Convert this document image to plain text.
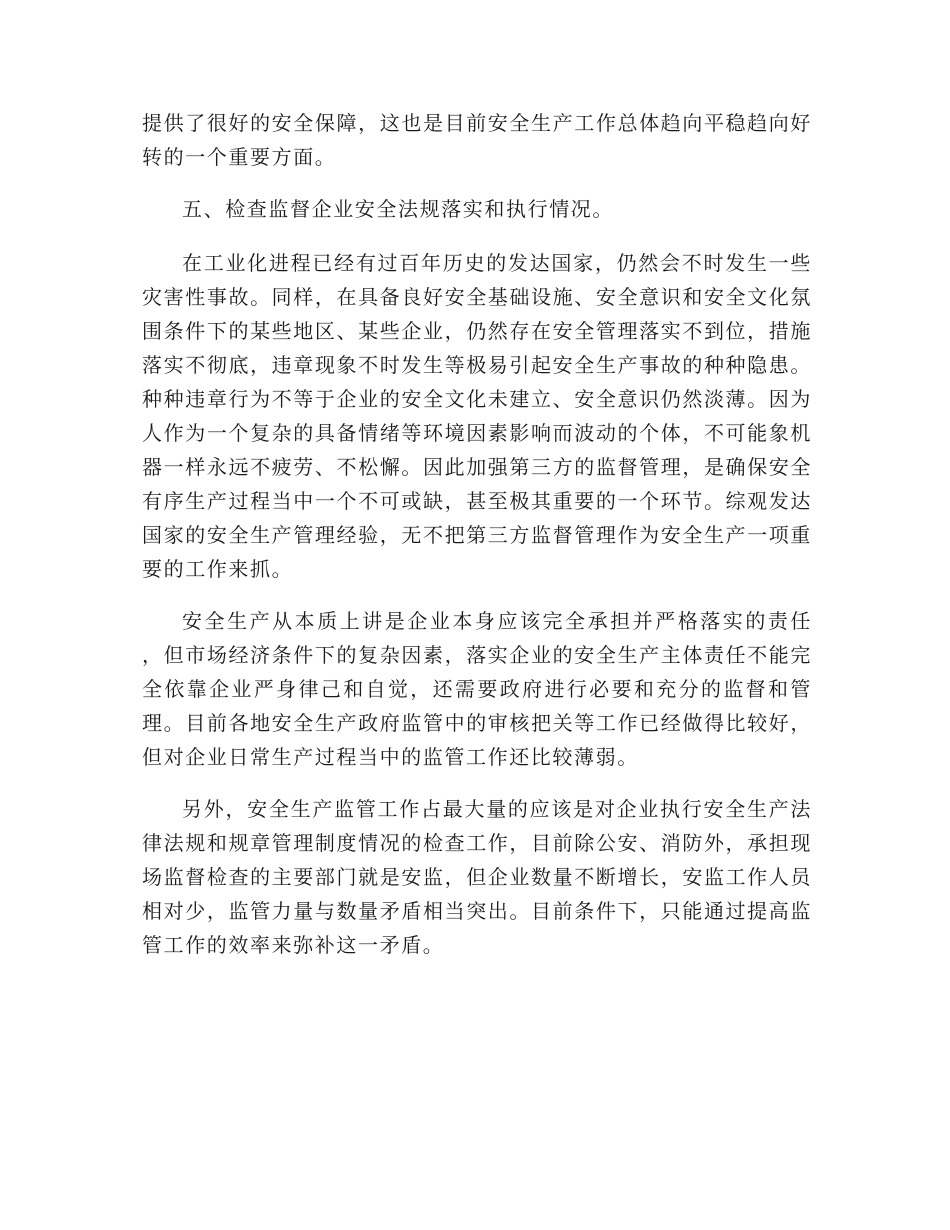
提供了很好的安全保障，这也是目前安全生产工作总体趋向平稳趋向好转的一个重要方面。

五、检查监督企业安全法规落实和执行情况。

在工业化进程已经有过百年历史的发达国家，仍然会不时发生一些灾害性事故。同样，在具备良好安全基础设施、安全意识和安全文化氛围条件下的某些地区、某些企业，仍然存在安全管理落实不到位，措施落实不彻底，违章现象不时发生等极易引起安全生产事故的种种隐患。种种违章行为不等于企业的安全文化未建立、安全意识仍然淡薄。因为人作为一个复杂的具备情绪等环境因素影响而波动的个体，不可能象机器一样永远不疲劳、不松懈。因此加强第三方的监督管理，是确保安全有序生产过程当中一个不可或缺，甚至极其重要的一个环节。综观发达国家的安全生产管理经验，无不把第三方监督管理作为安全生产一项重要的工作来抓。

安全生产从本质上讲是企业本身应该完全承担并严格落实的责任 ，但市场经济条件下的复杂因素，落实企业的安全生产主体责任不能完全依靠企业严身律己和自觉，还需要政府进行必要和充分的监督和管理。目前各地安全生产政府监管中的审核把关等工作已经做得比较好，但对企业日常生产过程当中的监管工作还比较薄弱。

另外，安全生产监管工作占最大量的应该是对企业执行安全生产法律法规和规章管理制度情况的检查工作，目前除公安、消防外，承担现场监督检查的主要部门就是安监，但企业数量不断增长，安监工作人员相对少，监管力量与数量矛盾相当突出。目前条件下，只能通过提高监管工作的效率来弥补这一矛盾。
